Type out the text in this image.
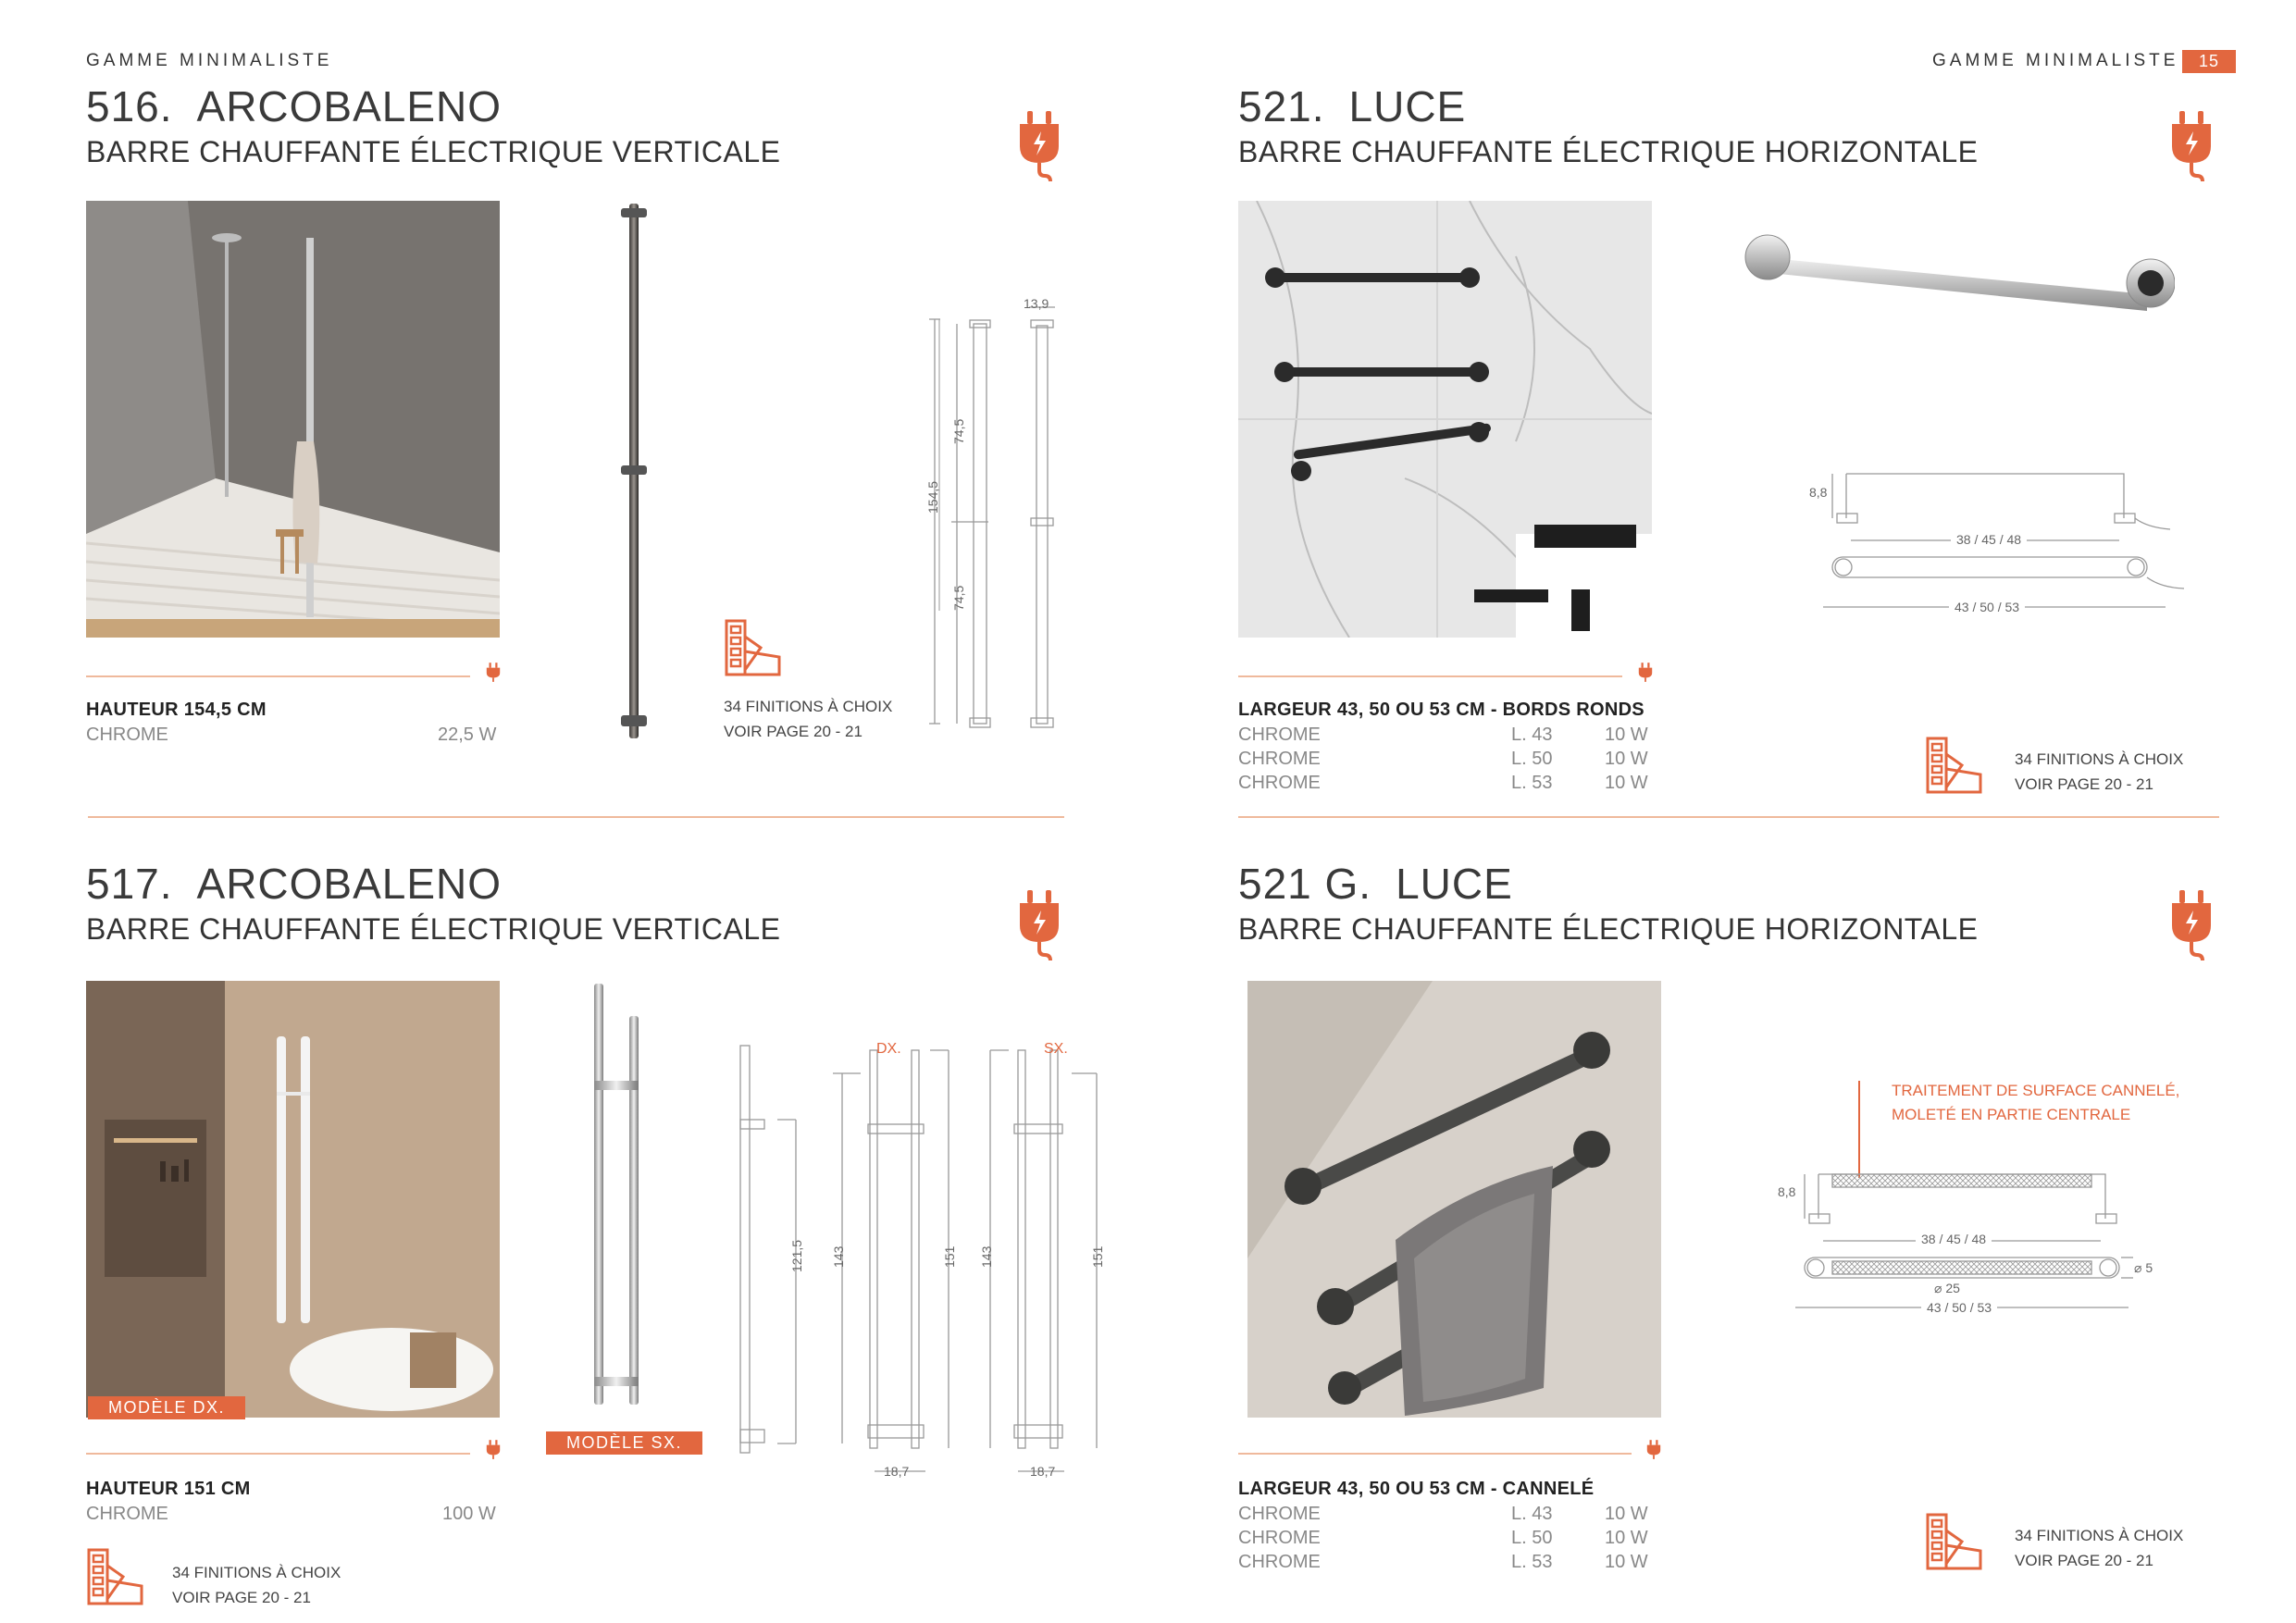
GAMME MINIMALISTE	GAMME MINIMALISTE	15
516. ARCOBALENO
BARRE CHAUFFANTE ÉLECTRIQUE VERTICALE
HAUTEUR 154,5 CM
CHROME	22,5 W
34 FINITIONS À CHOIX
VOIR PAGE 20 - 21
13,9
154,5
74,5
74,5
521. LUCE
BARRE CHAUFFANTE ÉLECTRIQUE HORIZONTALE
8,8
38 / 45 / 48
43 / 50 / 53
LARGEUR 43, 50 OU 53 CM - BORDS RONDS
CHROME	L. 43	10 W
CHROME	L. 50	10 W
CHROME	L. 53	10 W
34 FINITIONS À CHOIX
VOIR PAGE 20 - 21
517. ARCOBALENO
BARRE CHAUFFANTE ÉLECTRIQUE VERTICALE
MODÈLE DX.
MODÈLE SX.
DX.	SX.
121,5 143	151 143	151
18,7	18,7
HAUTEUR 151 CM
CHROME	100 W
34 FINITIONS À CHOIX
VOIR PAGE 20 - 21
521 G. LUCE
BARRE CHAUFFANTE ÉLECTRIQUE HORIZONTALE
TRAITEMENT DE SURFACE CANNELÉ,
MOLETÉ EN PARTIE CENTRALE
8,8
38 / 45 / 48
⌀ 5
⌀ 25
43 / 50 / 53
LARGEUR 43, 50 OU 53 CM - CANNELÉ
CHROME	L. 43	10 W
CHROME	L. 50	10 W
CHROME	L. 53	10 W
34 FINITIONS À CHOIX
VOIR PAGE 20 - 21
